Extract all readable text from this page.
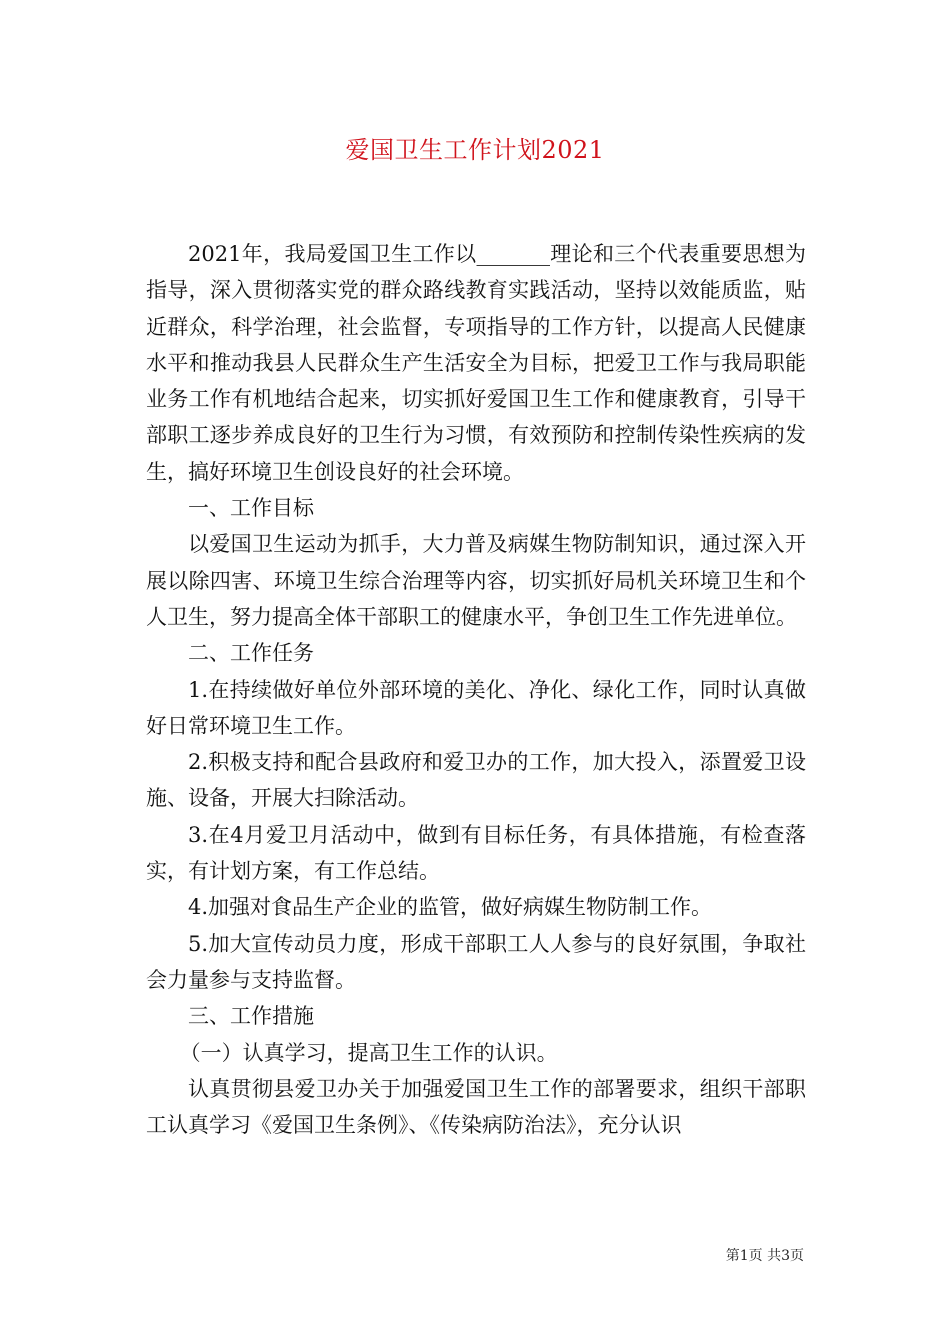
爱国卫生工作计划2021

2021年，我局爱国卫生工作以_______理论和三个代表重要思想为指导，深入贯彻落实党的群众路线教育实践活动，坚持以效能质监，贴近群众，科学治理，社会监督，专项指导的工作方针，以提高人民健康水平和推动我县人民群众生产生活安全为目标，把爱卫工作与我局职能业务工作有机地结合起来，切实抓好爱国卫生工作和健康教育，引导干部职工逐步养成良好的卫生行为习惯，有效预防和控制传染性疾病的发生，搞好环境卫生创设良好的社会环境。

一、工作目标

以爱国卫生运动为抓手，大力普及病媒生物防制知识，通过深入开展以除四害、环境卫生综合治理等内容，切实抓好局机关环境卫生和个人卫生，努力提高全体干部职工的健康水平，争创卫生工作先进单位。

二、工作任务

1.在持续做好单位外部环境的美化、净化、绿化工作，同时认真做好日常环境卫生工作。

2.积极支持和配合县政府和爱卫办的工作，加大投入，添置爱卫设施、设备，开展大扫除活动。

3.在4月爱卫月活动中，做到有目标任务，有具体措施，有检查落实，有计划方案，有工作总结。

4.加强对食品生产企业的监管，做好病媒生物防制工作。

5.加大宣传动员力度，形成干部职工人人参与的良好氛围，争取社会力量参与支持监督。

三、工作措施

（一）认真学习，提高卫生工作的认识。

认真贯彻县爱卫办关于加强爱国卫生工作的部署要求，组织干部职工认真学习《爱国卫生条例》、《传染病防治法》，充分认识

第1页 共3页
